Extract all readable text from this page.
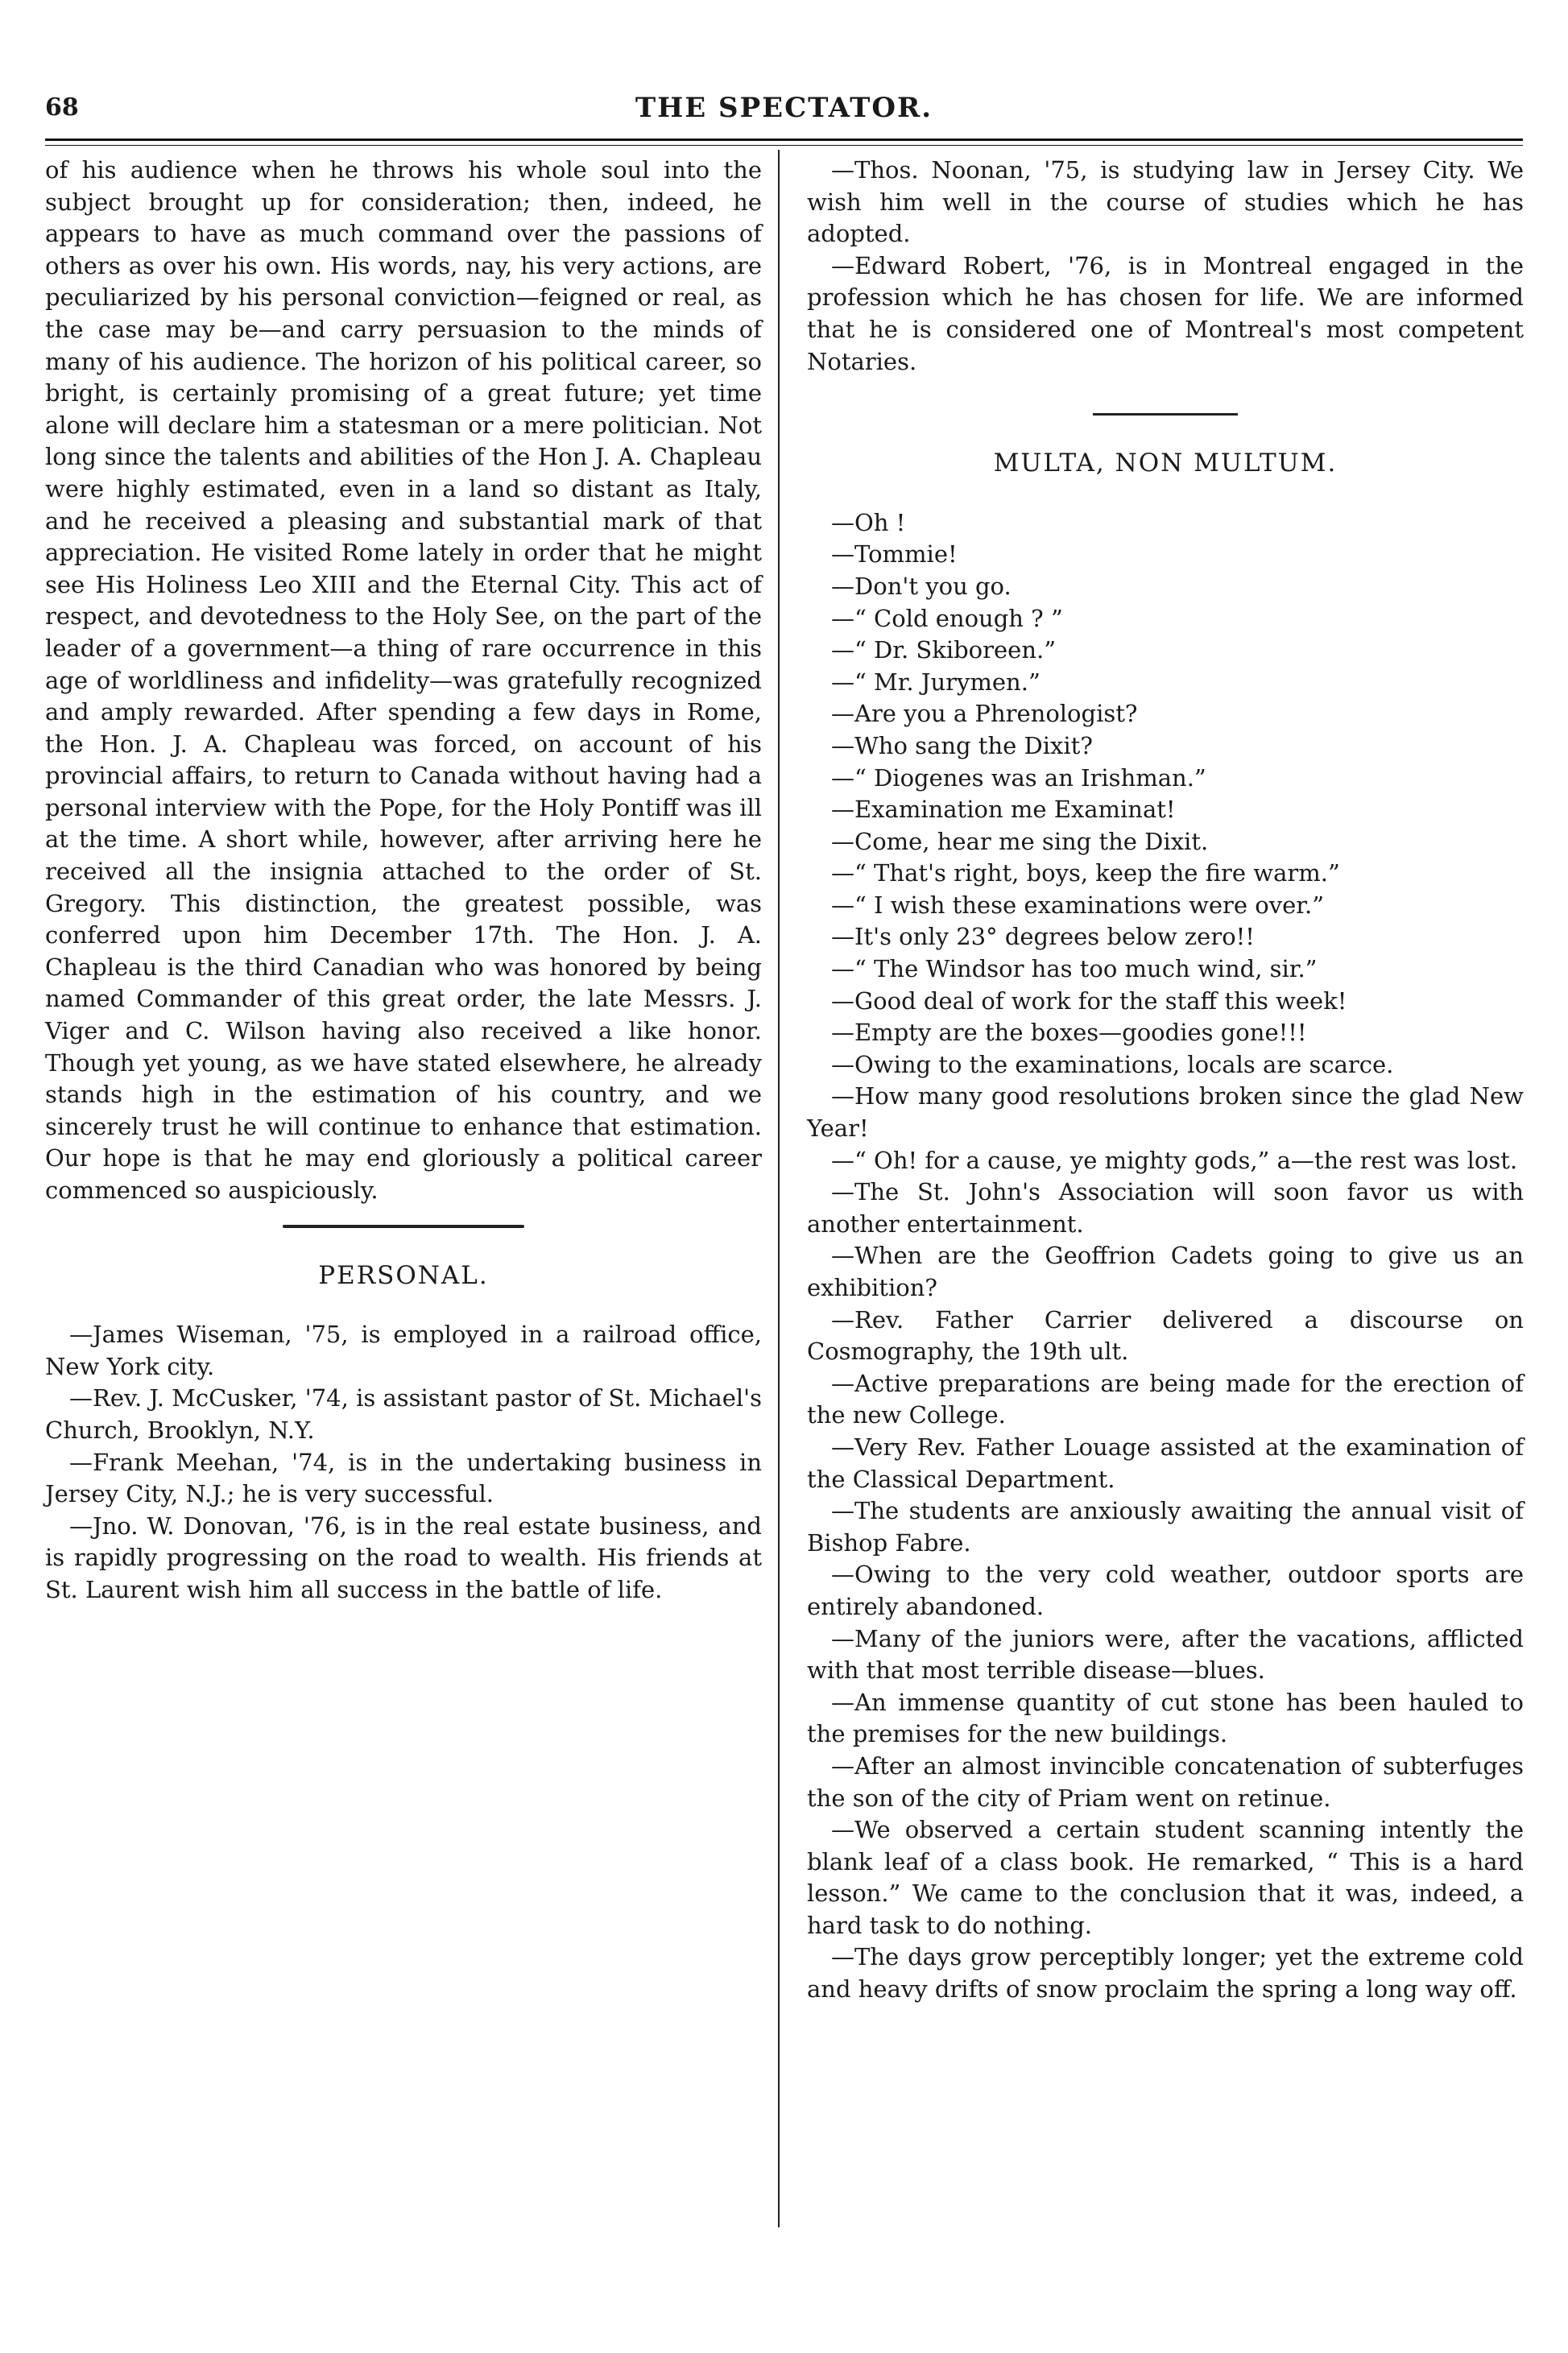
68	THE SPECTATOR.

of his audience when he throws his whole soul into the subject brought up for consideration; then, indeed, he appears to have as much command over the passions of others as over his own. His words, nay, his very actions, are peculiarized by his personal conviction—feigned or real, as the case may be—and carry persuasion to the minds of many of his audience. The horizon of his political career, so bright, is certainly promising of a great future; yet time alone will declare him a statesman or a mere politician. Not long since the talents and abilities of the Hon J. A. Chapleau were highly estimated, even in a land so distant as Italy, and he received a pleasing and substantial mark of that appreciation. He visited Rome lately in order that he might see His Holiness Leo XIII and the Eternal City. This act of respect, and devotedness to the Holy See, on the part of the leader of a government—a thing of rare occurrence in this age of worldliness and infidelity—was gratefully recognized and amply rewarded. After spending a few days in Rome, the Hon. J. A. Chapleau was forced, on account of his provincial affairs, to return to Canada without having had a personal interview with the Pope, for the Holy Pontiff was ill at the time. A short while, however, after arriving here he received all the insignia attached to the order of St. Gregory. This distinction, the greatest possible, was conferred upon him December 17th. The Hon. J. A. Chapleau is the third Canadian who was honored by being named Commander of this great order, the late Messrs. J. Viger and C. Wilson having also received a like honor. Though yet young, as we have stated elsewhere, he already stands high in the estimation of his country, and we sincerely trust he will continue to enhance that estimation. Our hope is that he may end gloriously a political career commenced so auspiciously.

PERSONAL.

—James Wiseman, '75, is employed in a railroad office, New York city.

—Rev. J. McCusker, '74, is assistant pastor of St. Michael's Church, Brooklyn, N.Y.

—Frank Meehan, '74, is in the undertaking business in Jersey City, N.J.; he is very successful.

—Jno. W. Donovan, '76, is in the real estate business, and is rapidly progressing on the road to wealth. His friends at St. Laurent wish him all success in the battle of life.

—Thos. Noonan, '75, is studying law in Jersey City. We wish him well in the course of studies which he has adopted.

—Edward Robert, '76, is in Montreal engaged in the profession which he has chosen for life. We are informed that he is considered one of Montreal's most competent Notaries.

MULTA, NON MULTUM.

—Oh !

—Tommie!

—Don't you go.

—“ Cold enough ? ”

—“ Dr. Skiboreen.”

—“ Mr. Jurymen.”

—Are you a Phrenologist?

—Who sang the Dixit?

—“ Diogenes was an Irishman.”

—Examination me Examinat!

—Come, hear me sing the Dixit.

—“ That's right, boys, keep the fire warm.”

—“ I wish these examinations were over.”

—It's only 23° degrees below zero!!

—“ The Windsor has too much wind, sir.”

—Good deal of work for the staff this week!

—Empty are the boxes—goodies gone!!!

—Owing to the examinations, locals are scarce.

—How many good resolutions broken since the glad New Year!

—“ Oh! for a cause, ye mighty gods,” a—the rest was lost.

—The St. John's Association will soon favor us with another entertainment.

—When are the Geoffrion Cadets going to give us an exhibition?

—Rev. Father Carrier delivered a discourse on Cosmography, the 19th ult.

—Active preparations are being made for the erection of the new College.

—Very Rev. Father Louage assisted at the examination of the Classical Department.

—The students are anxiously awaiting the annual visit of Bishop Fabre.

—Owing to the very cold weather, outdoor sports are entirely abandoned.

—Many of the juniors were, after the vacations, afflicted with that most terrible disease—blues.

—An immense quantity of cut stone has been hauled to the premises for the new buildings.

—After an almost invincible concatenation of subterfuges the son of the city of Priam went on retinue.

—We observed a certain student scanning intently the blank leaf of a class book. He remarked, “ This is a hard lesson.” We came to the conclusion that it was, indeed, a hard task to do nothing.

—The days grow perceptibly longer; yet the extreme cold and heavy drifts of snow proclaim the spring a long way off.
